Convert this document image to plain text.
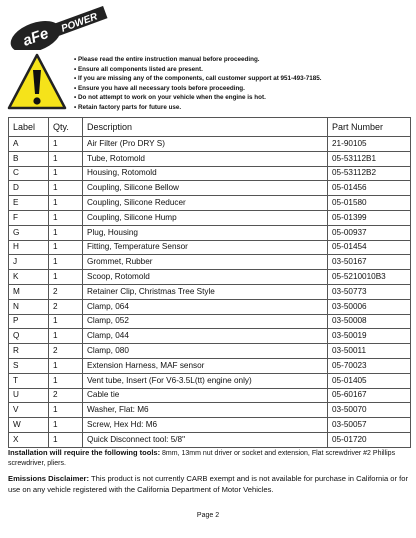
aFe
POWER
• Please read the entire instruction manual before proceeding.
• Ensure all components listed are present.
• If you are missing any of the components, call customer support at 951-493-7185.
• Ensure you have all necessary tools before proceeding.
• Do not attempt to work on your vehicle when the engine is hot.
• Retain factory parts for future use.
Label	Qty.	Description	Part Number
A	1	Air Filter (Pro DRY S)	21-90105
B	1	Tube, Rotomold	05-53112B1
C	1	Housing, Rotomold	05-53112B2
D	1	Coupling, Silicone Bellow	05-01456
E	1	Coupling, Silicone Reducer	05-01580
F	1	Coupling, Silicone Hump	05-01399
G	1	Plug, Housing	05-00937
H	1	Fitting, Temperature Sensor	05-01454
J	1	Grommet, Rubber	03-50167
K	1	Scoop, Rotomold	05-5210010B3
M	2	Retainer Clip, Christmas Tree Style	03-50773
N	2	Clamp, 064	03-50006
P	1	Clamp, 052	03-50008
Q	1	Clamp, 044	03-50019
R	2	Clamp, 080	03-50011
S	1	Extension Harness, MAF sensor	05-70023
T	1	Vent tube, Insert (For V6-3.5L(tt) engine only)	05-01405
U	2	Cable tie	05-60167
V	1	Washer, Flat: M6	03-50070
W	1	Screw, Hex Hd: M6	03-50057
X	1	Quick Disconnect tool: 5/8"	05-01720
Installation will require the following tools: 8mm, 13mm nut driver or socket and extension, Flat screwdriver #2 Phillips screwdriver, pliers.
Emissions Disclaimer: This product is not currently CARB exempt and is not available for purchase in California or for use on any vehicle registered with the California Department of Motor Vehicles.
Page 2
